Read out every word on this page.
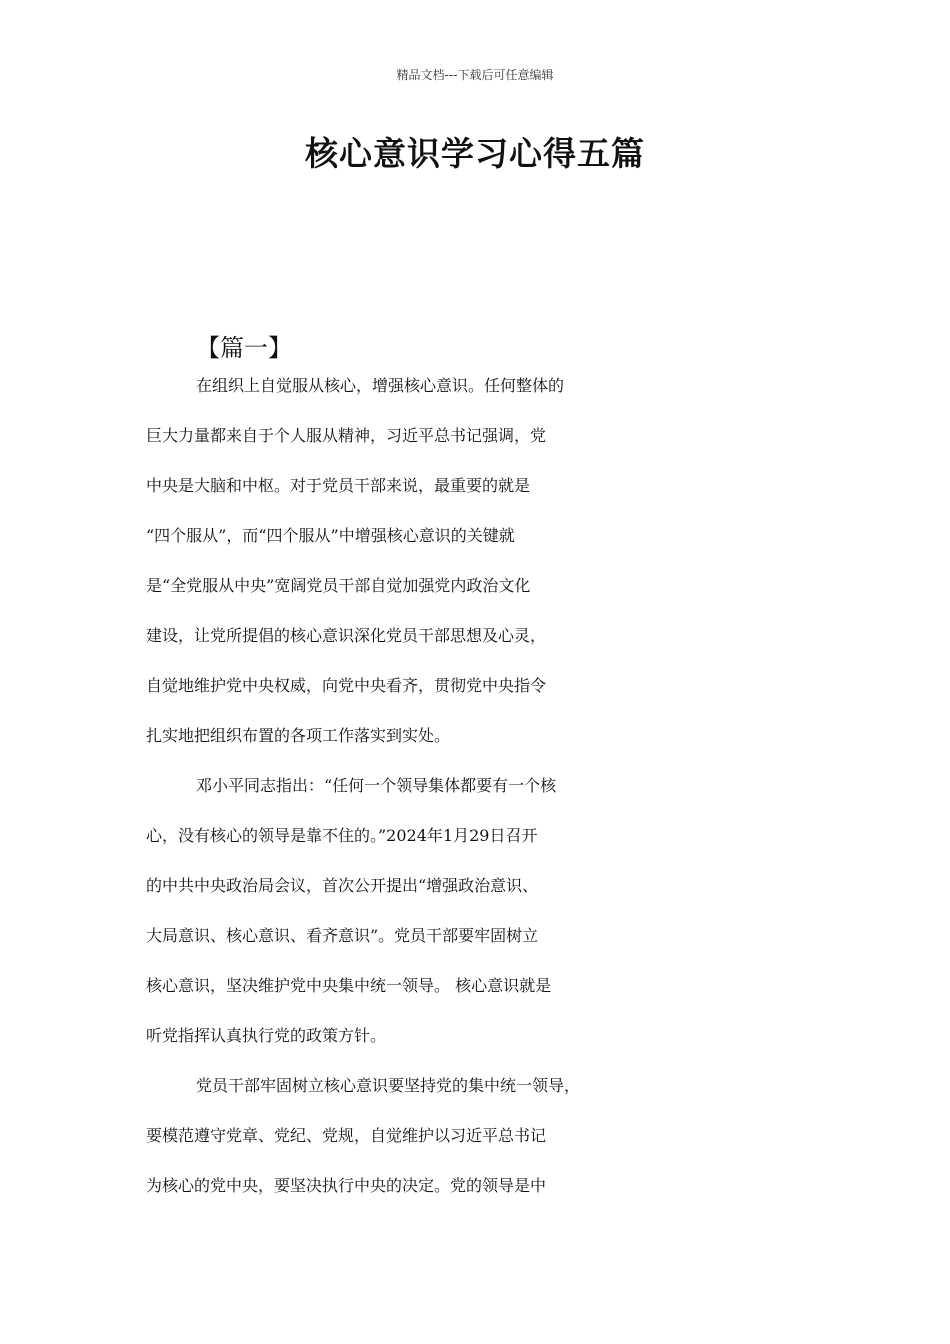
精品文档---下载后可任意编辑
核心意识学习心得五篇

【篇一】

在组织上自觉服从核心，增强核心意识。任何整体的
巨大力量都来自于个人服从精神，习近平总书记强调，党
中央是大脑和中枢。对于党员干部来说，最重要的就是
“四个服从”，而“四个服从”中增强核心意识的关键就
是“全党服从中央”宽阔党员干部自觉加强党内政治文化
建设，让党所提倡的核心意识深化党员干部思想及心灵，
自觉地维护党中央权威，向党中央看齐，贯彻党中央指令
扎实地把组织布置的各项工作落实到实处。
邓小平同志指出：“任何一个领导集体都要有一个核
心，没有核心的领导是靠不住的。”2024年1月29日召开
的中共中央政治局会议，首次公开提出“增强政治意识、
大局意识、核心意识、看齐意识”。党员干部要牢固树立
核心意识，坚决维护党中央集中统一领导。 核心意识就是
听党指挥认真执行党的政策方针。
党员干部牢固树立核心意识要坚持党的集中统一领导，
要模范遵守党章、党纪、党规，自觉维护以习近平总书记
为核心的党中央，要坚决执行中央的决定。党的领导是中
